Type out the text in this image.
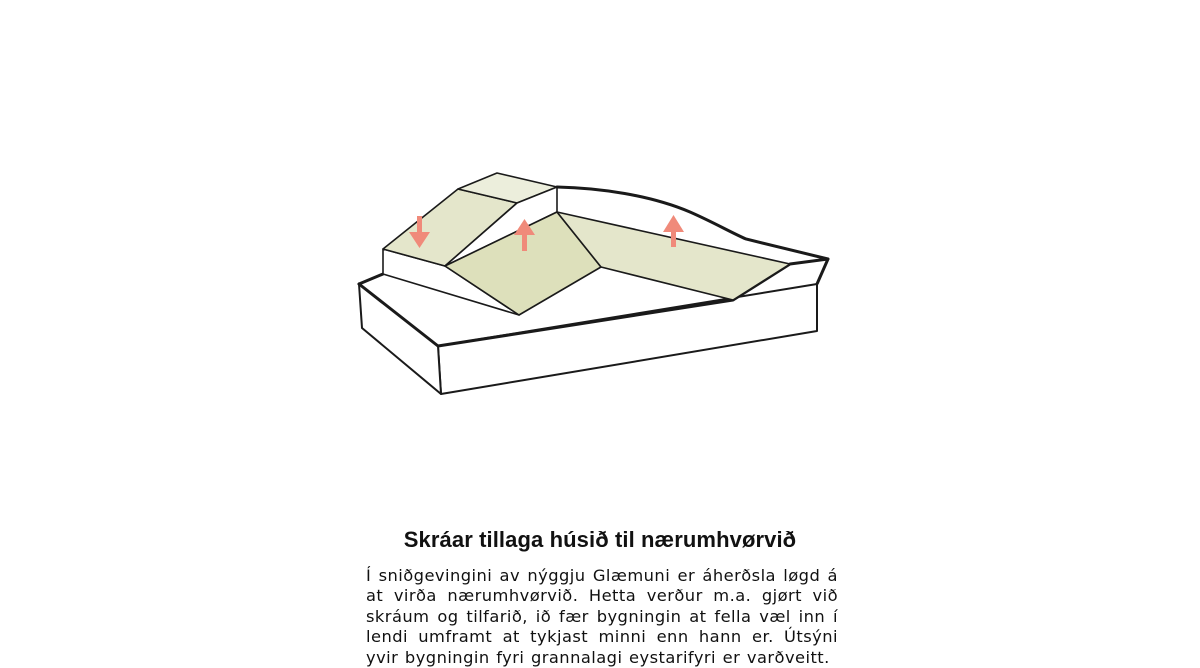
Skráar tillaga húsið til nærumhvørvið

Í sniðgevingini av nýggju Glæmuni er áherðsla løgd á at virða nærumhvørvið. Hetta verður m.a. gjørt við skráum og tilfarið, ið fær bygningin at fella væl inn í lendi umframt at tykjast minni enn hann er. Útsýni yvir bygningin fyri grannalagi eystarifyri er varðveitt.
